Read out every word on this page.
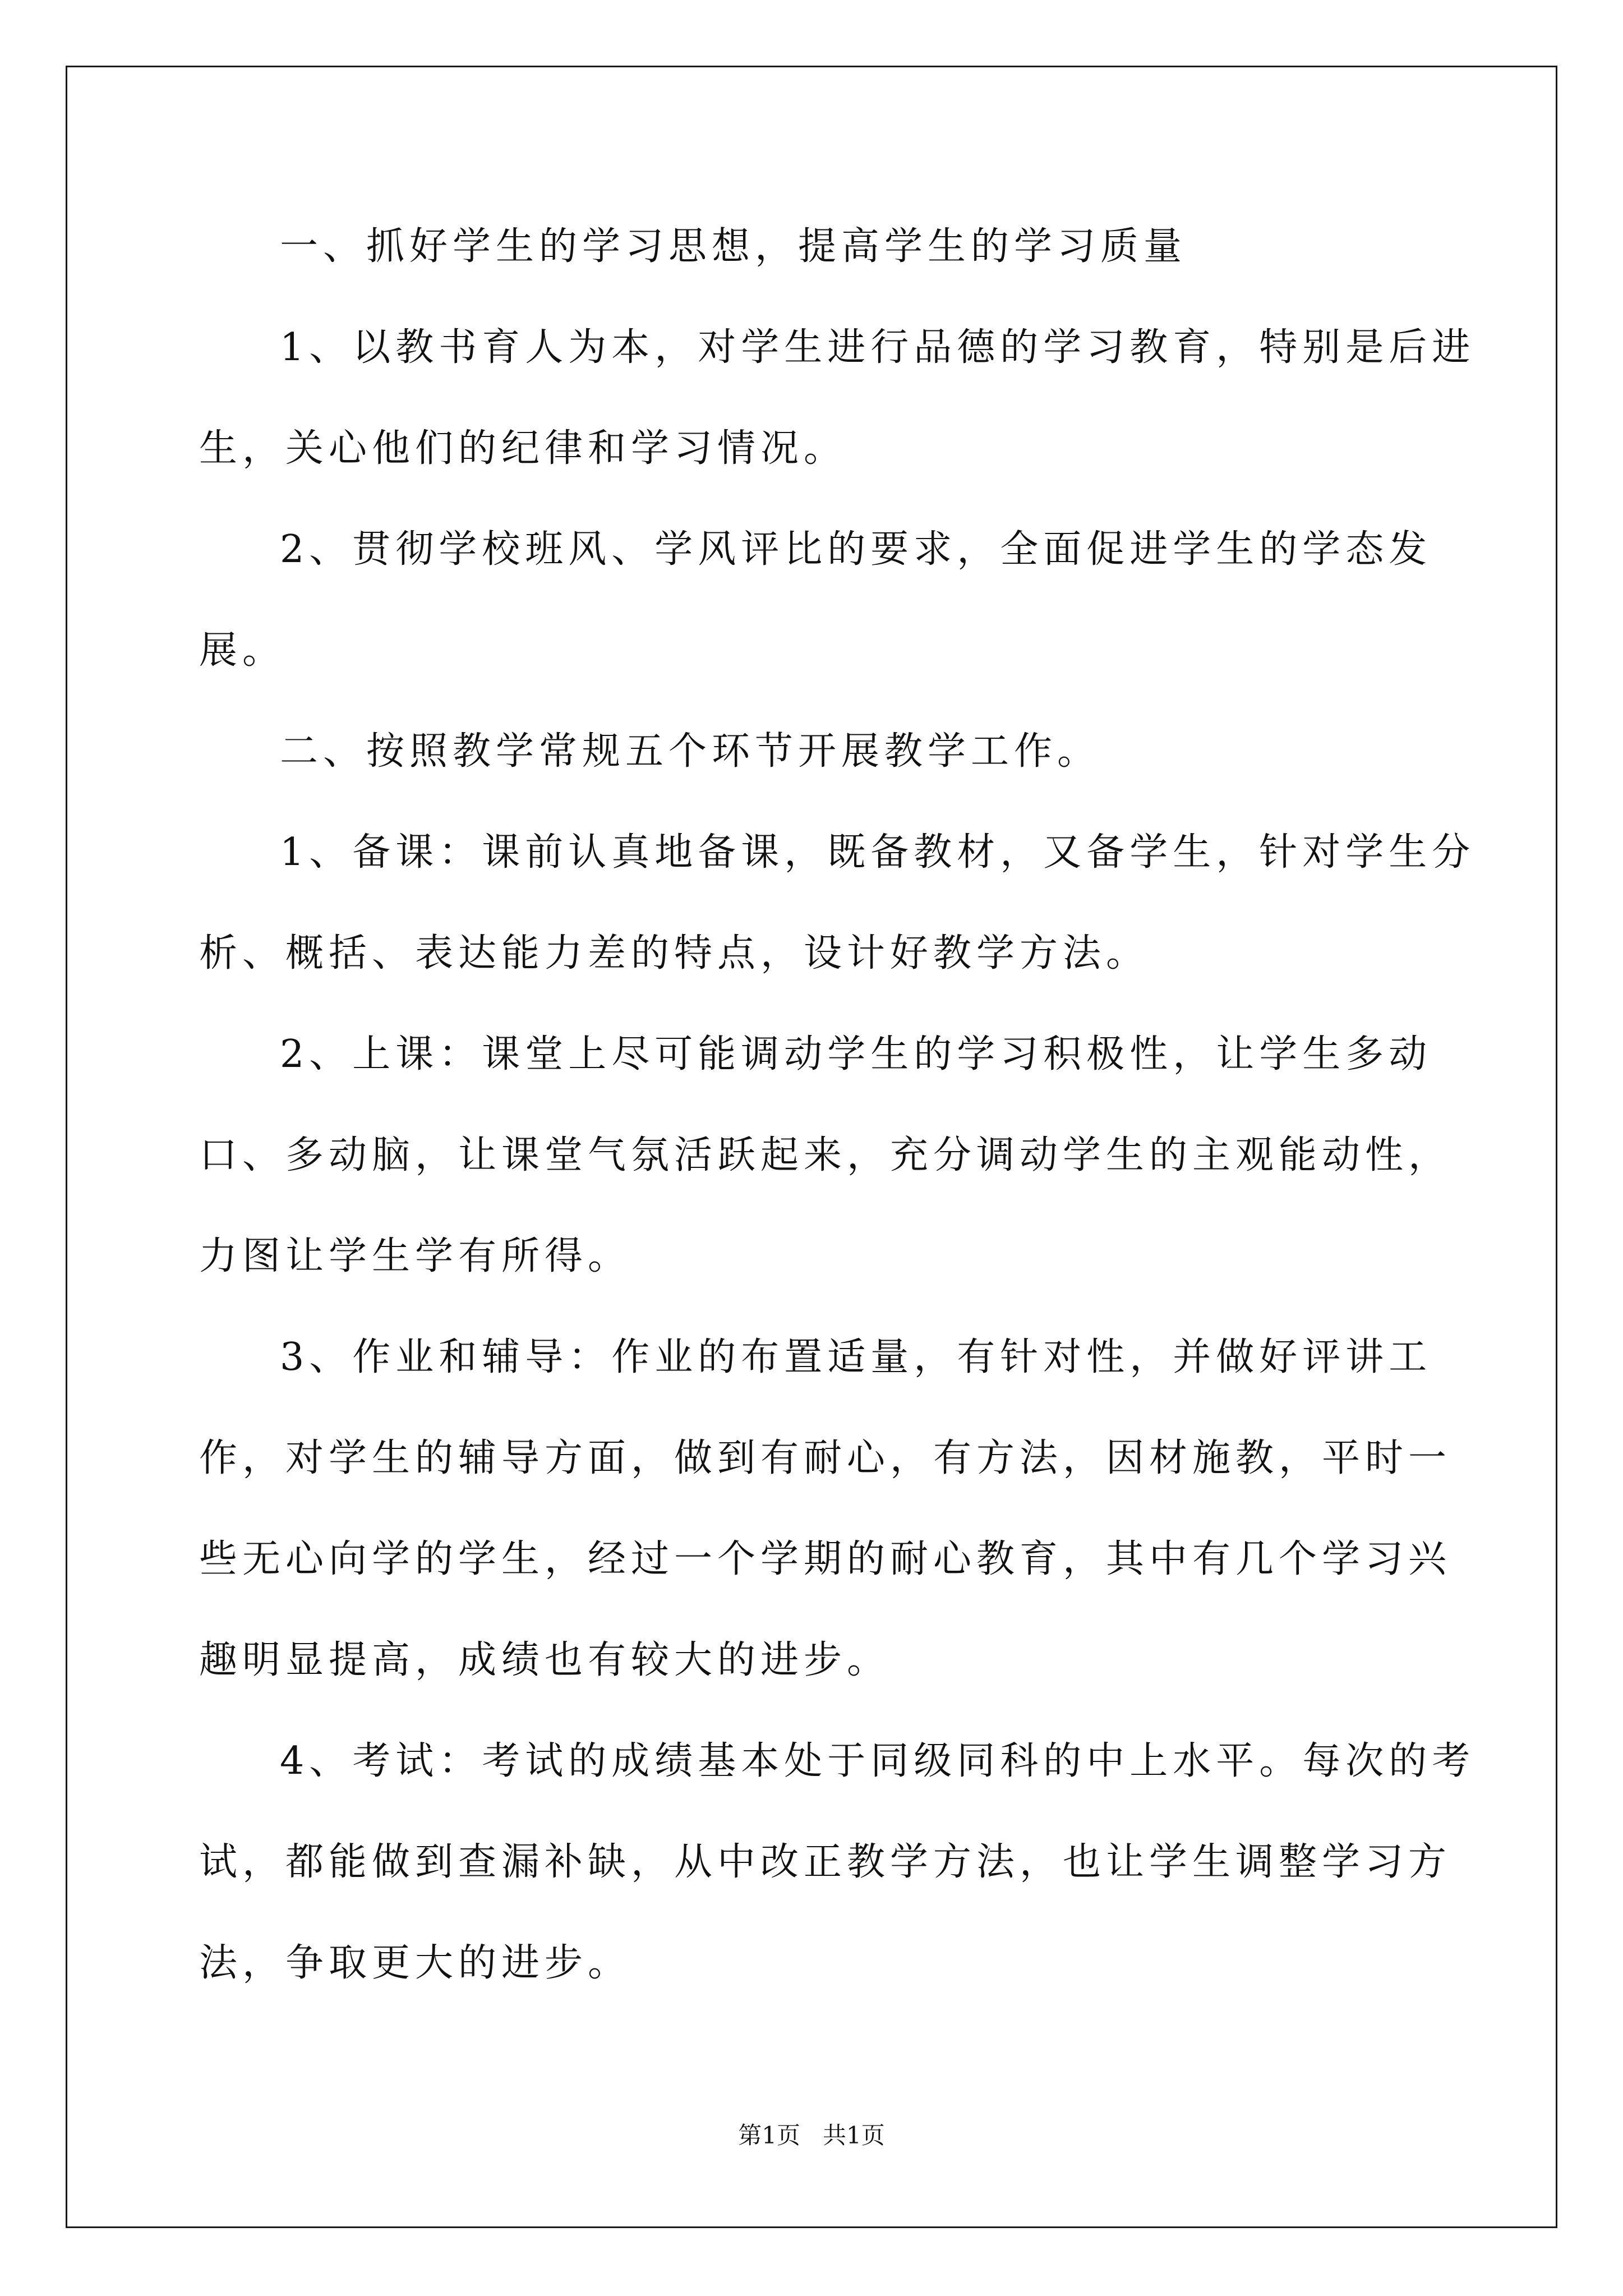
一、抓好学生的学习思想，提高学生的学习质量

1、以教书育人为本，对学生进行品德的学习教育，特别是后进生，关心他们的纪律和学习情况。

2、贯彻学校班风、学风评比的要求，全面促进学生的学态发展。

二、按照教学常规五个环节开展教学工作。

1、备课：课前认真地备课，既备教材，又备学生，针对学生分析、概括、表达能力差的特点，设计好教学方法。

2、上课：课堂上尽可能调动学生的学习积极性，让学生多动口、多动脑，让课堂气氛活跃起来，充分调动学生的主观能动性，力图让学生学有所得。

3、作业和辅导：作业的布置适量，有针对性，并做好评讲工作，对学生的辅导方面，做到有耐心，有方法，因材施教，平时一些无心向学的学生，经过一个学期的耐心教育，其中有几个学习兴趣明显提高，成绩也有较大的进步。

4、考试：考试的成绩基本处于同级同科的中上水平。每次的考试，都能做到查漏补缺，从中改正教学方法，也让学生调整学习方法，争取更大的进步。

第1页 共1页
